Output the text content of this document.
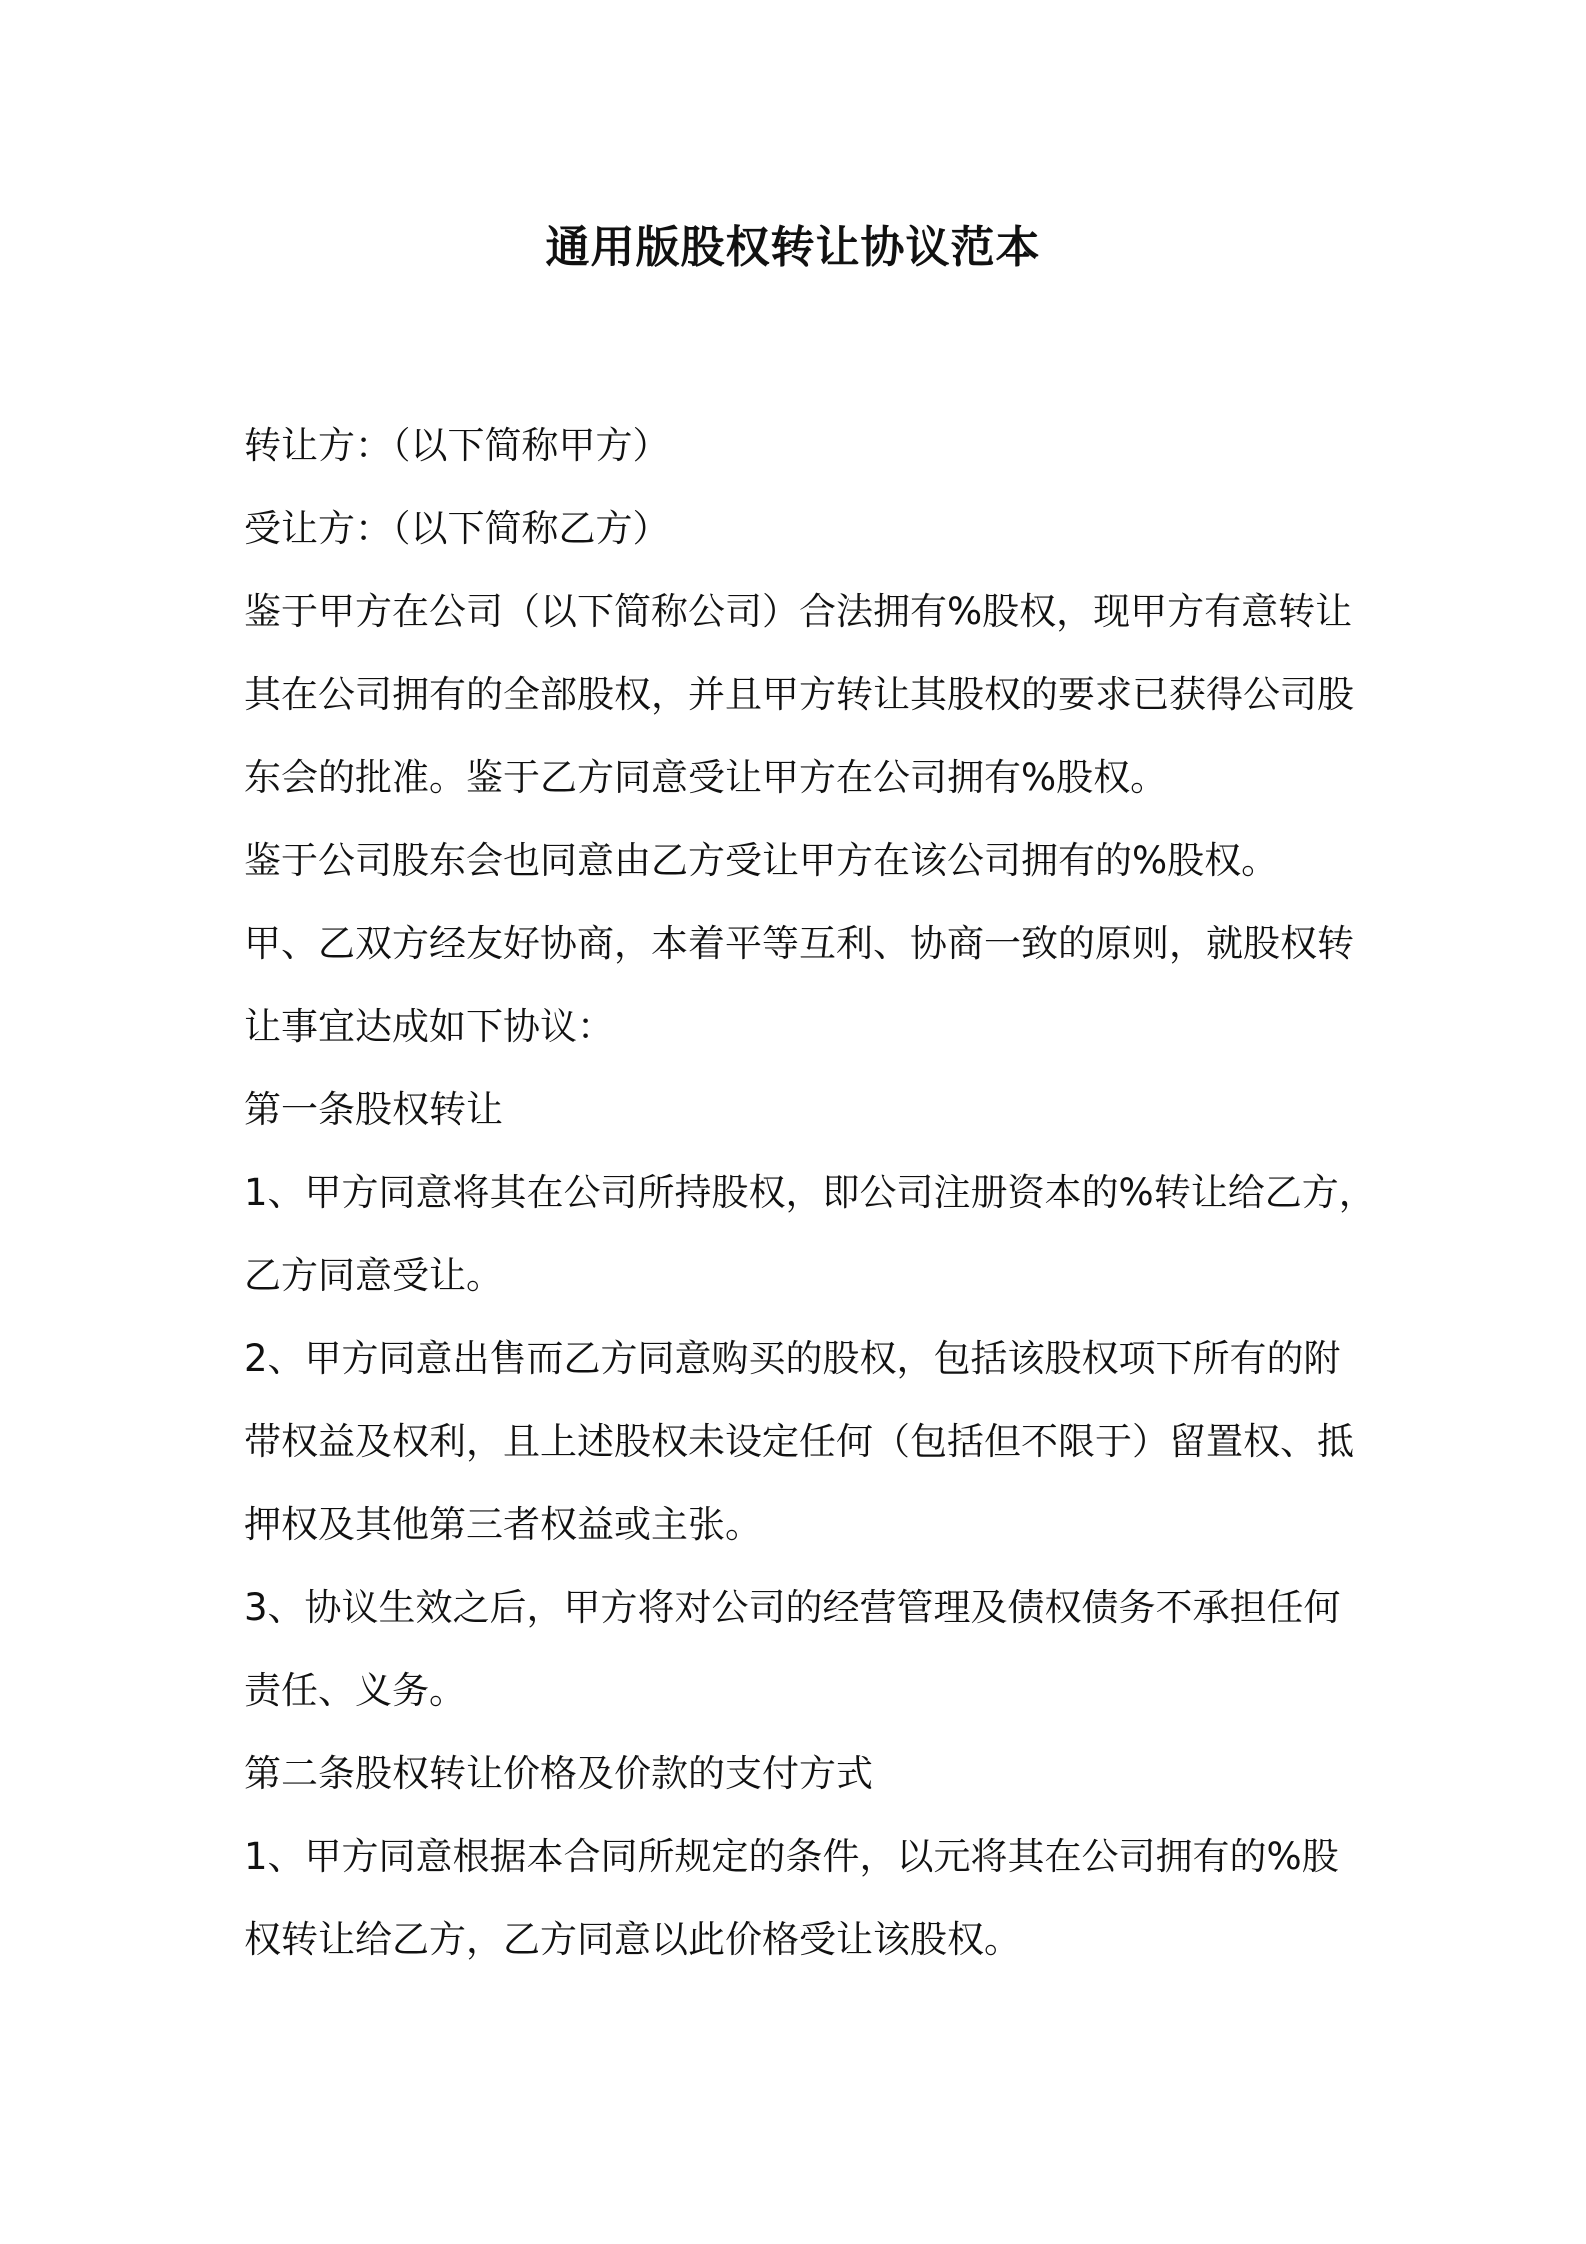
通用版股权转让协议范本
转让方：（以下简称甲方）
受让方：（以下简称乙方）
鉴于甲方在公司（以下简称公司）合法拥有%股权，现甲方有意转让
其在公司拥有的全部股权，并且甲方转让其股权的要求已获得公司股
东会的批准。鉴于乙方同意受让甲方在公司拥有%股权。
鉴于公司股东会也同意由乙方受让甲方在该公司拥有的%股权。
甲、乙双方经友好协商，本着平等互利、协商一致的原则，就股权转
让事宜达成如下协议：
第一条股权转让
1、甲方同意将其在公司所持股权，即公司注册资本的%转让给乙方，
乙方同意受让。
2、甲方同意出售而乙方同意购买的股权，包括该股权项下所有的附
带权益及权利，且上述股权未设定任何（包括但不限于）留置权、抵
押权及其他第三者权益或主张。
3、协议生效之后，甲方将对公司的经营管理及债权债务不承担任何
责任、义务。
第二条股权转让价格及价款的支付方式
1、甲方同意根据本合同所规定的条件，以元将其在公司拥有的%股
权转让给乙方，乙方同意以此价格受让该股权。
